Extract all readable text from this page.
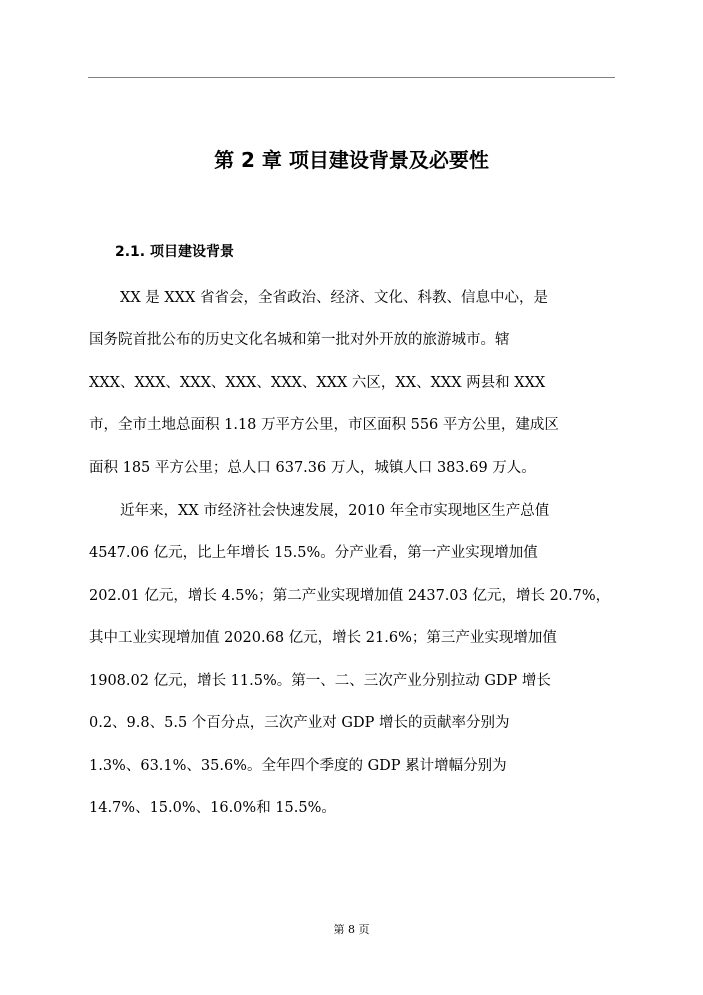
第 2 章 项目建设背景及必要性
2.1. 项目建设背景
XX 是 XXX 省省会，全省政治、经济、文化、科教、信息中心，是
国务院首批公布的历史文化名城和第一批对外开放的旅游城市。辖
XXX、XXX、XXX、XXX、XXX、XXX 六区，XX、XXX 两县和 XXX
市，全市土地总面积 1.18 万平方公里，市区面积 556 平方公里，建成区
面积 185 平方公里；总人口 637.36 万人，城镇人口 383.69 万人。
近年来，XX 市经济社会快速发展，2010 年全市实现地区生产总值
4547.06 亿元，比上年增长 15.5%。分产业看，第一产业实现增加值
202.01 亿元，增长 4.5%；第二产业实现增加值 2437.03 亿元，增长 20.7%，
其中工业实现增加值 2020.68 亿元，增长 21.6%；第三产业实现增加值
1908.02 亿元，增长 11.5%。第一、二、三次产业分别拉动 GDP 增长
0.2、9.8、5.5 个百分点，三次产业对 GDP 增长的贡献率分别为
1.3%、63.1%、35.6%。全年四个季度的 GDP 累计增幅分别为
14.7%、15.0%、16.0%和 15.5%。
第 8 页
